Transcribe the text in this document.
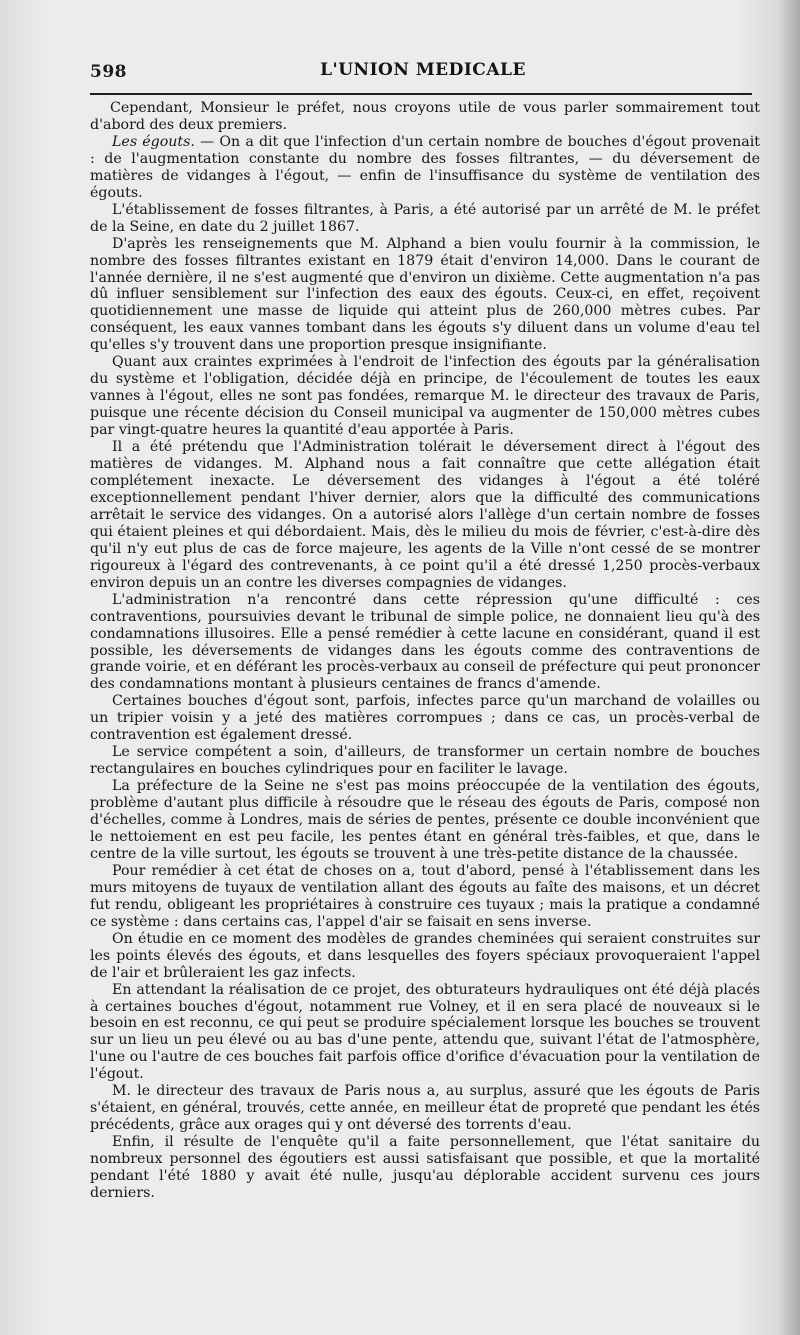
598	L'UNION MEDICALE

Cependant, Monsieur le préfet, nous croyons utile de vous parler sommairement tout d'abord des deux premiers.

Les égouts. — On a dit que l'infection d'un certain nombre de bouches d'égout provenait : de l'augmentation constante du nombre des fosses filtrantes, — du déversement de matières de vidanges à l'égout, — enfin de l'insuffisance du système de ventilation des égouts.

L'établissement de fosses filtrantes, à Paris, a été autorisé par un arrêté de M. le préfet de la Seine, en date du 2 juillet 1867.

D'après les renseignements que M. Alphand a bien voulu fournir à la commission, le nombre des fosses filtrantes existant en 1879 était d'environ 14,000. Dans le courant de l'année dernière, il ne s'est augmenté que d'environ un dixième. Cette augmentation n'a pas dû influer sensiblement sur l'infection des eaux des égouts. Ceux-ci, en effet, reçoivent quotidiennement une masse de liquide qui atteint plus de 260,000 mètres cubes. Par conséquent, les eaux vannes tombant dans les égouts s'y diluent dans un volume d'eau tel qu'elles s'y trouvent dans une proportion presque insignifiante.

Quant aux craintes exprimées à l'endroit de l'infection des égouts par la généralisation du système et l'obligation, décidée déjà en principe, de l'écoulement de toutes les eaux vannes à l'égout, elles ne sont pas fondées, remarque M. le directeur des travaux de Paris, puisque une récente décision du Conseil municipal va augmenter de 150,000 mètres cubes par vingt-quatre heures la quantité d'eau apportée à Paris.

Il a été prétendu que l'Administration tolérait le déversement direct à l'égout des matières de vidanges. M. Alphand nous a fait connaître que cette allégation était complétement inexacte. Le déversement des vidanges à l'égout a été toléré exceptionnellement pendant l'hiver dernier, alors que la difficulté des communications arrêtait le service des vidanges. On a autorisé alors l'allège d'un certain nombre de fosses qui étaient pleines et qui débordaient. Mais, dès le milieu du mois de février, c'est-à-dire dès qu'il n'y eut plus de cas de force majeure, les agents de la Ville n'ont cessé de se montrer rigoureux à l'égard des contrevenants, à ce point qu'il a été dressé 1,250 procès-verbaux environ depuis un an contre les diverses compagnies de vidanges.

L'administration n'a rencontré dans cette répression qu'une difficulté : ces contraventions, poursuivies devant le tribunal de simple police, ne donnaient lieu qu'à des condamnations illusoires. Elle a pensé remédier à cette lacune en considérant, quand il est possible, les déversements de vidanges dans les égouts comme des contraventions de grande voirie, et en déférant les procès-verbaux au conseil de préfecture qui peut prononcer des condamnations montant à plusieurs centaines de francs d'amende.

Certaines bouches d'égout sont, parfois, infectes parce qu'un marchand de volailles ou un tripier voisin y a jeté des matières corrompues ; dans ce cas, un procès-verbal de contravention est également dressé.

Le service compétent a soin, d'ailleurs, de transformer un certain nombre de bouches rectangulaires en bouches cylindriques pour en faciliter le lavage.

La préfecture de la Seine ne s'est pas moins préoccupée de la ventilation des égouts, problème d'autant plus difficile à résoudre que le réseau des égouts de Paris, composé non d'échelles, comme à Londres, mais de séries de pentes, présente ce double inconvénient que le nettoiement en est peu facile, les pentes étant en général très-faibles, et que, dans le centre de la ville surtout, les égouts se trouvent à une très-petite distance de la chaussée.

Pour remédier à cet état de choses on a, tout d'abord, pensé à l'établissement dans les murs mitoyens de tuyaux de ventilation allant des égouts au faîte des maisons, et un décret fut rendu, obligeant les propriétaires à construire ces tuyaux ; mais la pratique a condamné ce système : dans certains cas, l'appel d'air se faisait en sens inverse.

On étudie en ce moment des modèles de grandes cheminées qui seraient construites sur les points élevés des égouts, et dans lesquelles des foyers spéciaux provoqueraient l'appel de l'air et brûleraient les gaz infects.

En attendant la réalisation de ce projet, des obturateurs hydrauliques ont été déjà placés à certaines bouches d'égout, notamment rue Volney, et il en sera placé de nouveaux si le besoin en est reconnu, ce qui peut se produire spécialement lorsque les bouches se trouvent sur un lieu un peu élevé ou au bas d'une pente, attendu que, suivant l'état de l'atmosphère, l'une ou l'autre de ces bouches fait parfois office d'orifice d'évacuation pour la ventilation de l'égout.

M. le directeur des travaux de Paris nous a, au surplus, assuré que les égouts de Paris s'étaient, en général, trouvés, cette année, en meilleur état de propreté que pendant les étés précédents, grâce aux orages qui y ont déversé des torrents d'eau.

Enfin, il résulte de l'enquête qu'il a faite personnellement, que l'état sanitaire du nombreux personnel des égoutiers est aussi satisfaisant que possible, et que la mortalité pendant l'été 1880 y avait été nulle, jusqu'au déplorable accident survenu ces jours derniers.
